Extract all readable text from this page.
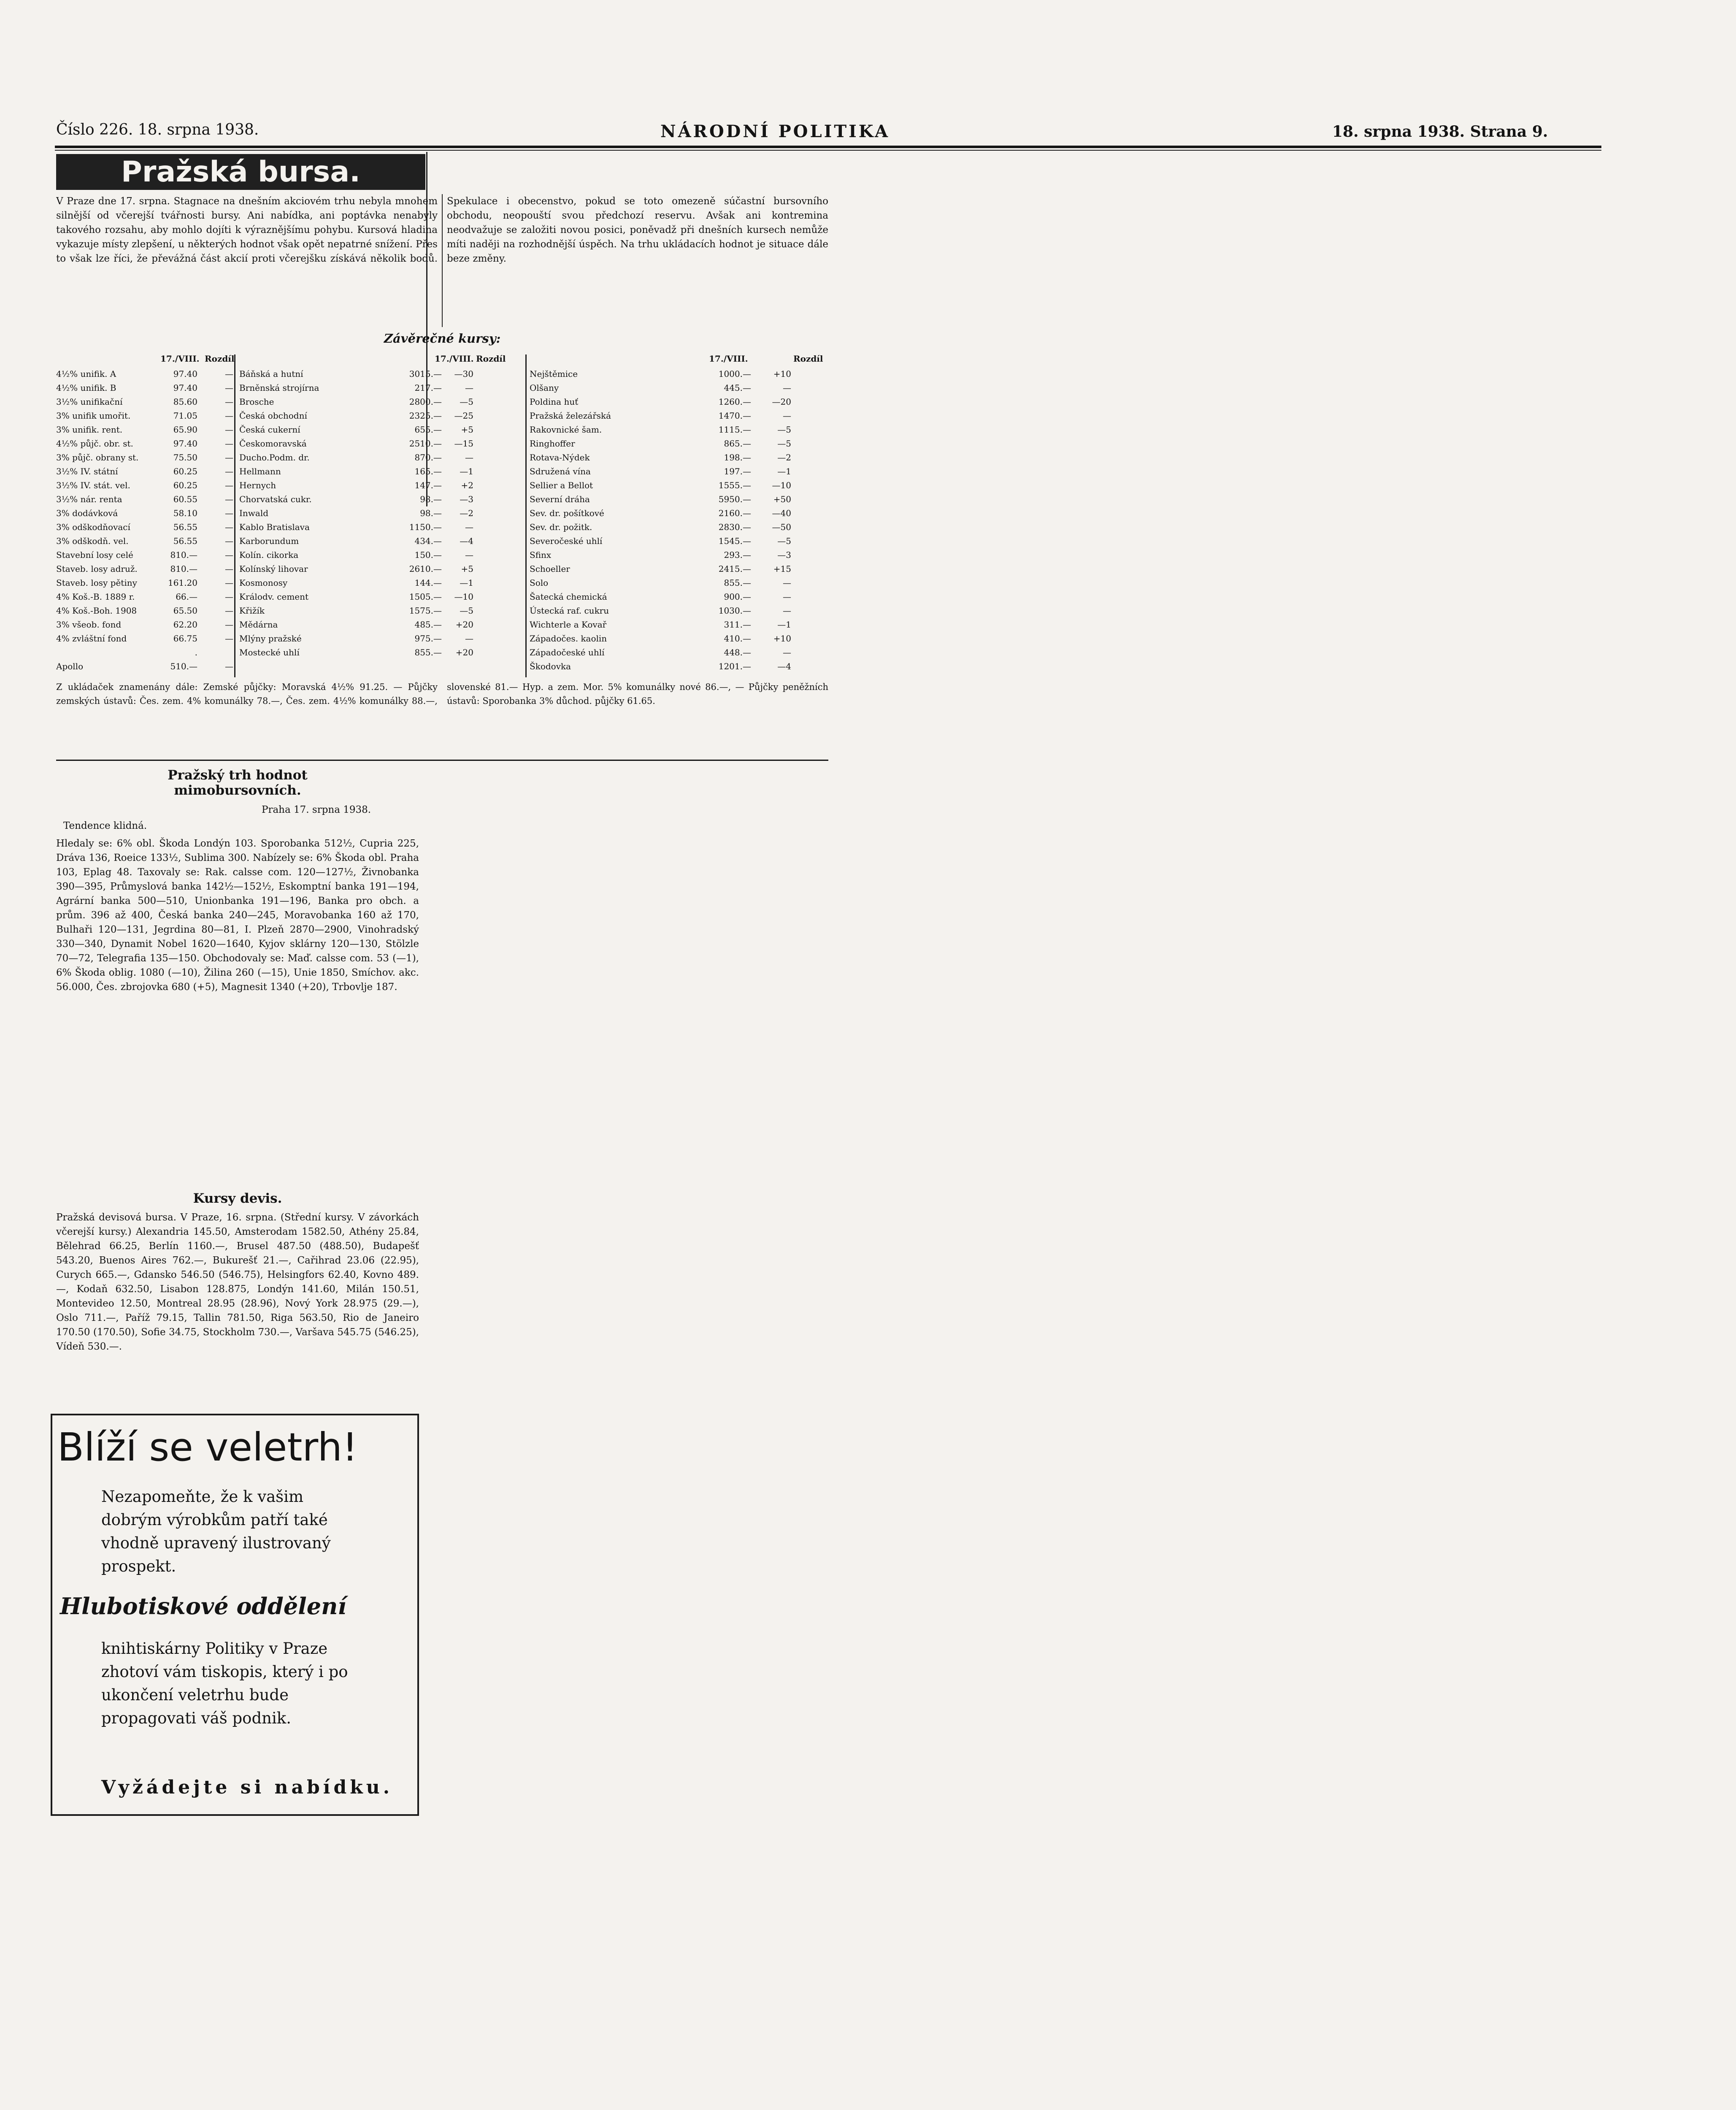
Číslo 226. 18. srpna 1938.	NÁRODNÍ POLITIKA	18. srpna 1938. Strana 9.
Pražská bursa.
V Praze dne 17. srpna. Stagnace na dnešním akciovém trhu nebyla mnohem silnější od včerejší tvářnosti bursy. Ani nabídka, ani poptávka nenabyly takového rozsahu, aby mohlo dojíti k výraznějšímu pohybu. Kursová hladina vykazuje místy zlepšení, u některých hodnot však opět nepatrné snížení. Přes to však lze říci, že převážná část akcií proti včerejšku získává několik bodů. Spekulace i obecenstvo, pokud se toto omezeně súčastní bursovního obchodu, neopouští svou předchozí reservu. Avšak ani kontremina neodvažuje se založiti novou posici, poněvadž při dnešních kursech nemůže míti naději na rozhodnější úspěch. Na trhu ukládacích hodnot je situace dále beze změny.
Závěrečné kursy:
17./VIII. Rozdíl	17./VIII. Rozdíl	17./VIII.	Rozdíl
4½% unifik. A	97.40	—
4½% unifik. B	97.40	—
3½% unifikační	85.60	—
3% unifik umořit.	71.05	—
3% unifik. rent.	65.90	—
4½% půjč. obr. st.	97.40	—
3% půjč. obrany st.	75.50	—
3½% IV. státní	60.25	—
3½% IV. stát. vel.	60.25	—
3½% nár. renta	60.55	—
3% dodávková	58.10	—
3% odškodňovací	56.55	—
3% odškodň. vel.	56.55	—
Stavební losy celé	810.—	—
Staveb. losy adruž.	810.—	—
Staveb. losy pětiny	161.20	—
4% Koš.-B. 1889 r.	66.—	—
4% Koš.-Boh. 1908	65.50	—
3% všeob. fond	62.20	—
4% zvláštní fond	66.75	—
.
Apollo	510.—	—
Báňská a hutní	3015.—	—30
Brněnská strojírna	217.—	—
Brosche	2800.—	—5
Česká obchodní	2325.—	—25
Česká cukerní	655.—	+5
Českomoravská	2510.—	—15
Ducho.Podm. dr.	870.—	—
Hellmann	165.—	—1
Hernych	147.—	+2
Chorvatská cukr.	98.—	—3
Inwald	98.—	—2
Kablo Bratislava	1150.—	—
Karborundum	434.—	—4
Kolín. cikorka	150.—	—
Kolínský lihovar	2610.—	+5
Kosmonosy	144.—	—1
Králodv. cement	1505.—	—10
Křižík	1575.—	—5
Mědárna	485.—	+20
Mlýny pražské	975.—	—
Mostecké uhlí	855.—	+20
Nejštěmice	1000.—	+10
Olšany	445.—	—
Poldina huť	1260.—	—20
Pražská železářská	1470.—	—
Rakovnické šam.	1115.—	—5
Ringhoffer	865.—	—5
Rotava-Nýdek	198.—	—2
Sdružená vína	197.—	—1
Sellier a Bellot	1555.—	—10
Severní dráha	5950.—	+50
Sev. dr. pošítkové	2160.—	—40
Sev. dr. požitk.	2830.—	—50
Severočeské uhlí	1545.—	—5
Sfinx	293.—	—3
Schoeller	2415.—	+15
Solo	855.—	—
Šatecká chemická	900.—	—
Ústecká raf. cukru	1030.—	—
Wichterle a Kovař	311.—	—1
Západočes. kaolin	410.—	+10
Západočeské uhlí	448.—	—
Škodovka	1201.—	—4
Z ukládaček znamenány dále: Zemské půjčky: Moravská 4½% 91.25. — Půjčky zemských ústavů: Čes. zem. 4% komunálky 78.—, Čes. zem. 4½% komunálky 88.—, slovenské 81.— Hyp. a zem. Mor. 5% komunálky nové 86.—, — Půjčky peněžních ústavů: Sporobanka 3% důchod. půjčky 61.65.
Pražský trh hodnot
mimobursovních.
Praha 17. srpna 1938.
Tendence klidná.
Hledaly se: 6% obl. Škoda Londýn 103. Sporobanka 512½, Cupria 225, Dráva 136, Roeice 133½, Sublima 300. Nabízely se: 6% Škoda obl. Praha 103, Eplag 48. Taxovaly se: Rak. calsse com. 120—127½, Živnobanka 390—395, Průmyslová banka 142½—152½, Eskomptní banka 191—194, Agrární banka 500—510, Unionbanka 191—196, Banka pro obch. a prům. 396 až 400, Česká banka 240—245, Moravobanka 160 až 170, Bulhaři 120—131, Jegrdina 80—81, I. Plzeň 2870—2900, Vinohradský 330—340, Dynamit Nobel 1620—1640, Kyjov sklárny 120—130, Stölzle 70—72, Telegrafia 135—150. Obchodovaly se: Maď. calsse com. 53 (—1), 6% Škoda oblig. 1080 (—10), Žilina 260 (—15), Unie 1850, Smíchov. akc. 56.000, Čes. zbrojovka 680 (+5), Magnesit 1340 (+20), Trbovlje 187.
Kursy devis.
Pražská devisová bursa. V Praze, 16. srpna. (Střední kursy. V závorkách včerejší kursy.) Alexandria 145.50, Amsterodam 1582.50, Athény 25.84, Bělehrad 66.25, Berlín 1160.—, Brusel 487.50 (488.50), Budapešť 543.20, Buenos Aires 762.—, Bukurešť 21.—, Cařihrad 23.06 (22.95), Curych 665.—, Gdansko 546.50 (546.75), Helsingfors 62.40, Kovno 489.—, Kodaň 632.50, Lisabon 128.875, Londýn 141.60, Milán 150.51, Montevideo 12.50, Montreal 28.95 (28.96), Nový York 28.975 (29.—), Oslo 711.—, Paříž 79.15, Tallin 781.50, Riga 563.50, Rio de Janeiro 170.50 (170.50), Sofie 34.75, Stockholm 730.—, Varšava 545.75 (546.25), Vídeň 530.—.
Blíží se veletrh!
Nezapomeňte, že k vašim dobrým výrobkům patří také vhodně upravený ilustrovaný prospekt.
Hlubotiskové oddělení
knihtiskárny Politiky v Praze zhotoví vám tiskopis, který i po ukončení veletrhu bude propagovati váš podnik.
Vyžádejte si nabídku.
